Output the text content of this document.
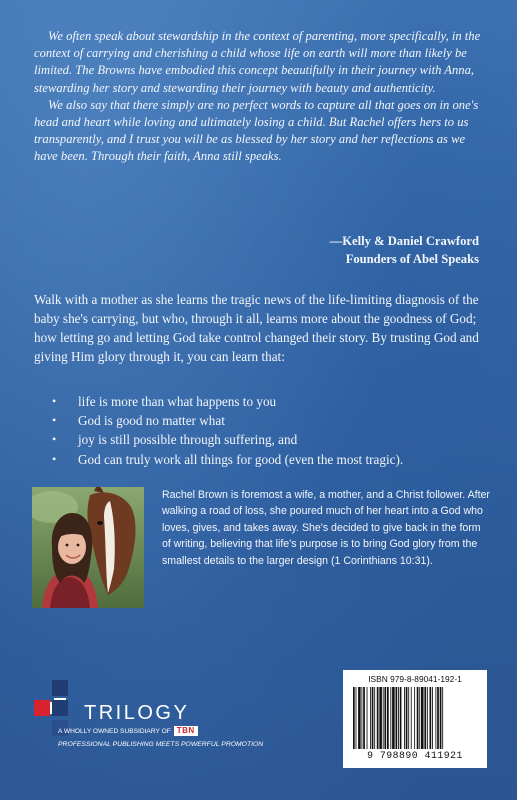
We often speak about stewardship in the context of parenting, more specifically, in the context of carrying and cherishing a child whose life on earth will more than likely be limited. The Browns have embodied this concept beautifully in their journey with Anna, stewarding her story and stewarding their journey with beauty and authenticity.

We also say that there simply are no perfect words to capture all that goes on in one's head and heart while loving and ultimately losing a child. But Rachel offers hers to us transparently, and I trust you will be as blessed by her story and her reflections as we have been. Through their faith, Anna still speaks.

—Kelly & Daniel Crawford
Founders of Abel Speaks

Walk with a mother as she learns the tragic news of the life-limiting diagnosis of the baby she's carrying, but who, through it all, learns more about the goodness of God; how letting go and letting God take control changed their story. By trusting God and giving Him glory through it, you can learn that:

• life is more than what happens to you
• God is good no matter what
• joy is still possible through suffering, and
• God can truly work all things for good (even the most tragic).

Rachel Brown is foremost a wife, a mother, and a Christ follower. After walking a road of loss, she poured much of her heart into a God who loves, gives, and takes away. She's decided to give back in the form of writing, believing that life's purpose is to bring God glory from the smallest details to the larger design (1 Corinthians 10:31).

TRILOGY
A WHOLLY OWNED SUBSIDIARY OF TBN
PROFESSIONAL PUBLISHING MEETS POWERFUL PROMOTION
ISBN 979-8-89041-192-1
9 798890 411921
